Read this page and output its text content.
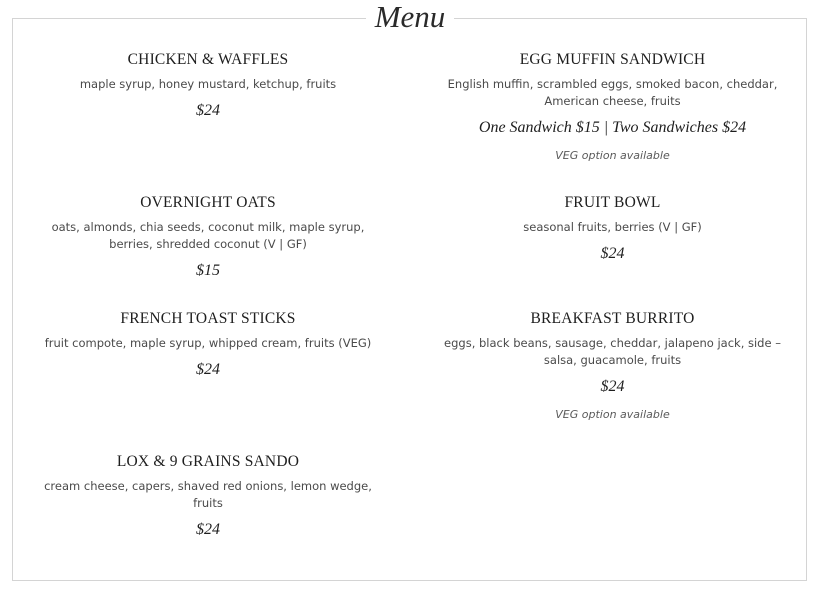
Menu
CHICKEN & WAFFLES
maple syrup, honey mustard, ketchup, fruits
$24
OVERNIGHT OATS
oats, almonds, chia seeds, coconut milk, maple syrup,
berries, shredded coconut (V | GF)
$15
FRENCH TOAST STICKS
fruit compote, maple syrup, whipped cream, fruits (VEG)
$24
LOX & 9 GRAINS SANDO
cream cheese, capers, shaved red onions, lemon wedge,
fruits
$24
EGG MUFFIN SANDWICH
English muffin, scrambled eggs, smoked bacon, cheddar,
American cheese, fruits
One Sandwich $15 | Two Sandwiches $24
VEG option available
FRUIT BOWL
seasonal fruits, berries (V | GF)
$24
BREAKFAST BURRITO
eggs, black beans, sausage, cheddar, jalapeno jack, side –
salsa, guacamole, fruits
$24
VEG option available
